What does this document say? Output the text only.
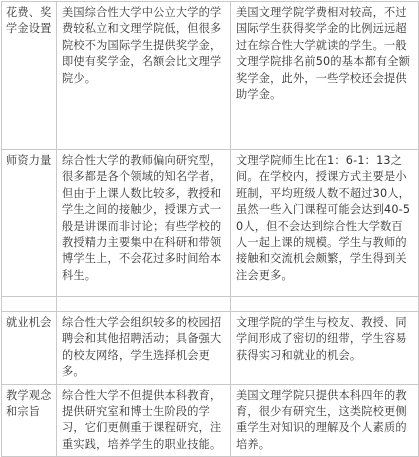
花费、奖学金设置	美国综合性大学中公立大学的学费较私立和文理学院低，但很多院校不为国际学生提供奖学金，即使有奖学金，名额会比文理学院少。	美国文理学院学费相对较高，不过国际学生获得奖学金的比例远远超过在综合性大学就读的学生。一般文理学院排名前50的基本都有全额奖学金，此外，一些学校还会提供助学金。
师资力量	综合性大学的教师偏向研究型，很多都是各个领域的知名学者，但由于上课人数比较多，教授和学生之间的接触少，授课方式一般是讲课而非讨论；有些学校的教授精力主要集中在科研和带领博学生上，不会花过多时间给本科生。	文理学院师生比在1：6-1：13之间。在学校内，授课方式主要是小班制，平均班级人数不超过30人，虽然一些入门课程可能会达到40-50人，但不会达到综合性大学数百人一起上课的规模。学生与教师的接触和交流机会颇繁，学生得到关注会更多。

就业机会	综合性大学会组织较多的校园招聘会和其他招聘活动；具备强大的校友网络，学生选择机会更多。	文理学院的学生与校友、教授、同学间形成了密切的纽带，学生容易获得实习和就业的机会。
教学观念和宗旨	综合性大学不但提供本科教育，提供研究室和博士生阶段的学习，它们更侧重于课程研究，注重实践，培养学生的职业技能。	美国文理学院只提供本科四年的教育，很少有研究生，这类院校更侧重学生对知识的理解及个人素质的培养。
